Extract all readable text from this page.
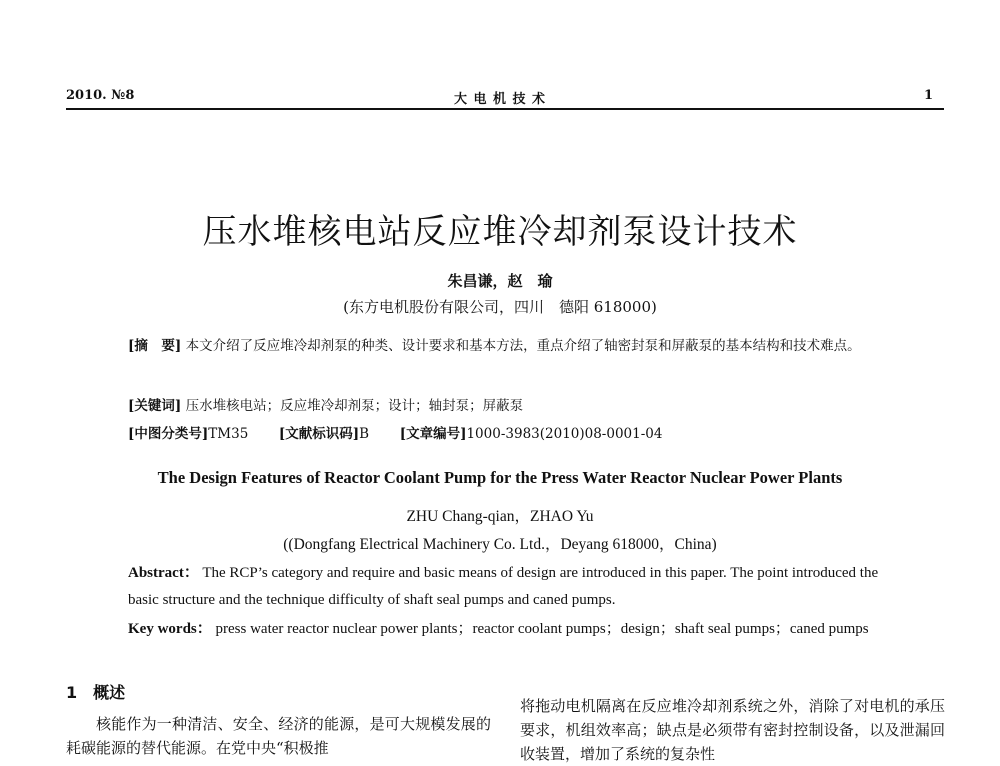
2010. №8	大 电 机 技 术	1
压水堆核电站反应堆冷却剂泵设计技术
朱昌谦，赵　瑜
(东方电机股份有限公司，四川　德阳 618000)
[摘　要] 本文介绍了反应堆冷却剂泵的种类、设计要求和基本方法，重点介绍了轴密封泵和屏蔽泵的基本结构和技术难点。
[关键词] 压水堆核电站；反应堆冷却剂泵；设计；轴封泵；屏蔽泵
[中图分类号]TM35 [文献标识码]B [文章编号]1000-3983(2010)08-0001-04
The Design Features of Reactor Coolant Pump for the Press Water Reactor Nuclear Power Plants
ZHU Chang-qian，ZHAO Yu
((Dongfang Electrical Machinery Co. Ltd.，Deyang 618000，China)
Abstract： The RCP’s category and require and basic means of design are introduced in this paper. The point introduced the basic structure and the technique difficulty of shaft seal pumps and caned pumps.
Key words： press water reactor nuclear power plants；reactor coolant pumps；design；shaft seal pumps；caned pumps
1　概述
核能作为一种清洁、安全、经济的能源，是可大规模发展的耗碳能源的替代能源。在党中央“积极推
将拖动电机隔离在反应堆冷却剂系统之外，消除了对电机的承压要求，机组效率高；缺点是必须带有密封控制设备，以及泄漏回收装置，增加了系统的复杂性
